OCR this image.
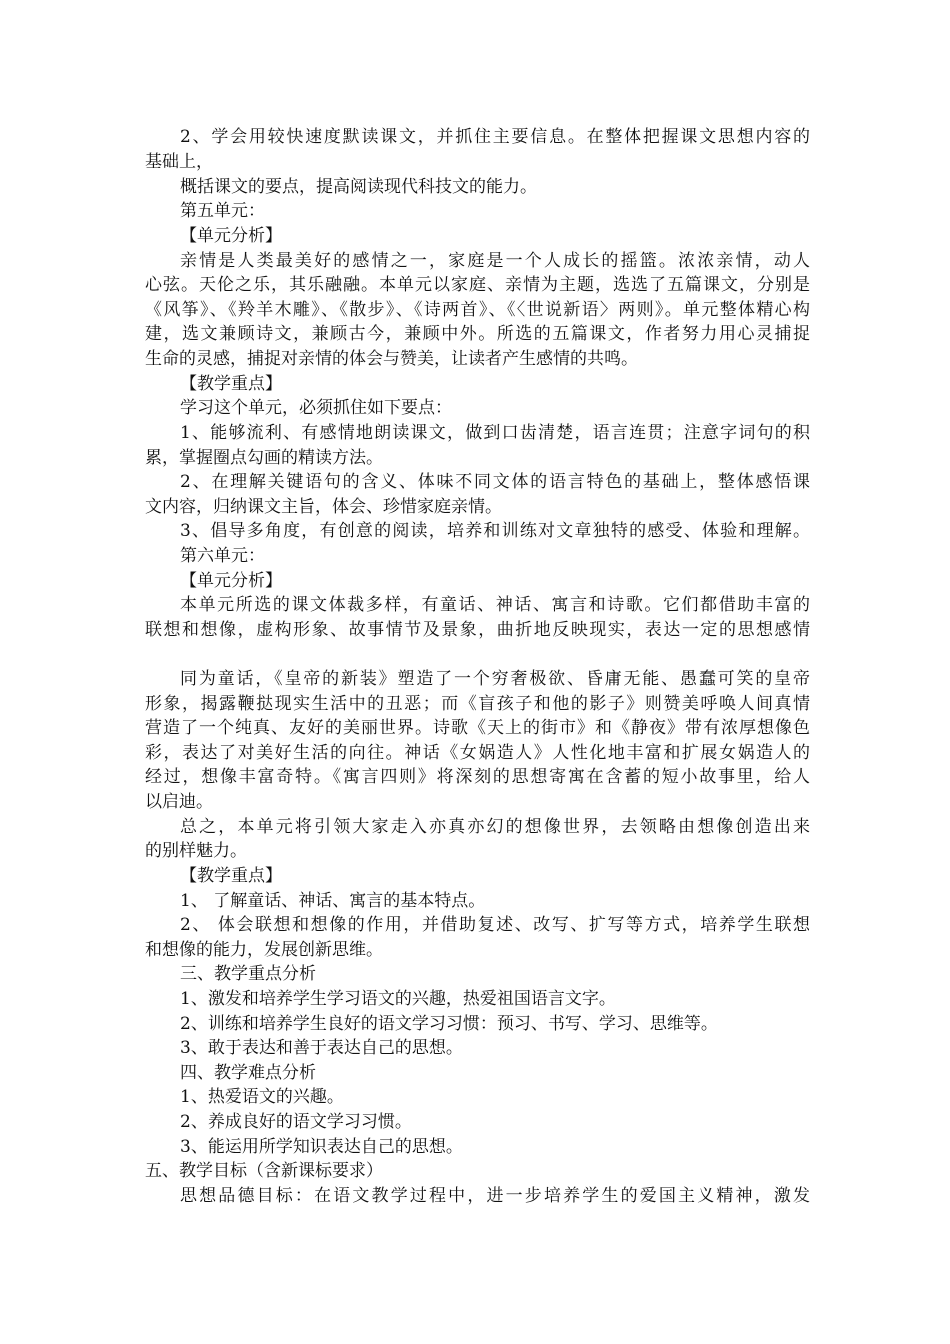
2、学会用较快速度默读课文，并抓住主要信息。在整体把握课文思想内容的
基础上，
概括课文的要点，提高阅读现代科技文的能力。
第五单元：
【单元分析】
亲情是人类最美好的感情之一，家庭是一个人成长的摇篮。浓浓亲情，动人
心弦。天伦之乐，其乐融融。本单元以家庭、亲情为主题，选选了五篇课文，分别是
《风筝》、《羚羊木雕》、《散步》、《诗两首》、《〈世说新语〉两则》。单元整体精心构
建，选文兼顾诗文，兼顾古今，兼顾中外。所选的五篇课文，作者努力用心灵捕捉
生命的灵感，捕捉对亲情的体会与赞美，让读者产生感情的共鸣。
【教学重点】
学习这个单元，必须抓住如下要点：
1、能够流利、有感情地朗读课文，做到口齿清楚，语言连贯；注意字词句的积
累，掌握圈点勾画的精读方法。
2、在理解关键语句的含义、体味不同文体的语言特色的基础上，整体感悟课
文内容，归纳课文主旨，体会、珍惜家庭亲情。
3、倡导多角度，有创意的阅读，培养和训练对文章独特的感受、体验和理解。
第六单元：
【单元分析】
本单元所选的课文体裁多样，有童话、神话、寓言和诗歌。它们都借助丰富的
联想和想像，虚构形象、故事情节及景象，曲折地反映现实，表达一定的思想感情
同为童话，《皇帝的新装》塑造了一个穷奢极欲、昏庸无能、愚蠢可笑的皇帝
形象，揭露鞭挞现实生活中的丑恶；而《盲孩子和他的影子》则赞美呼唤人间真情
营造了一个纯真、友好的美丽世界。诗歌《天上的街市》和《静夜》带有浓厚想像色
彩，表达了对美好生活的向往。神话《女娲造人》人性化地丰富和扩展女娲造人的
经过，想像丰富奇特。《寓言四则》将深刻的思想寄寓在含蓄的短小故事里，给人
以启迪。
总之，本单元将引领大家走入亦真亦幻的想像世界，去领略由想像创造出来
的别样魅力。
【教学重点】
1、 了解童话、神话、寓言的基本特点。
2、 体会联想和想像的作用，并借助复述、改写、扩写等方式，培养学生联想
和想像的能力，发展创新思维。
三、教学重点分析
1、激发和培养学生学习语文的兴趣，热爱祖国语言文字。
2、训练和培养学生良好的语文学习习惯：预习、书写、学习、思维等。
3、敢于表达和善于表达自己的思想。
四、教学难点分析
1、热爱语文的兴趣。
2、养成良好的语文学习习惯。
3、能运用所学知识表达自己的思想。
五、教学目标（含新课标要求）
思想品德目标：在语文教学过程中，进一步培养学生的爱国主义精神，激发
